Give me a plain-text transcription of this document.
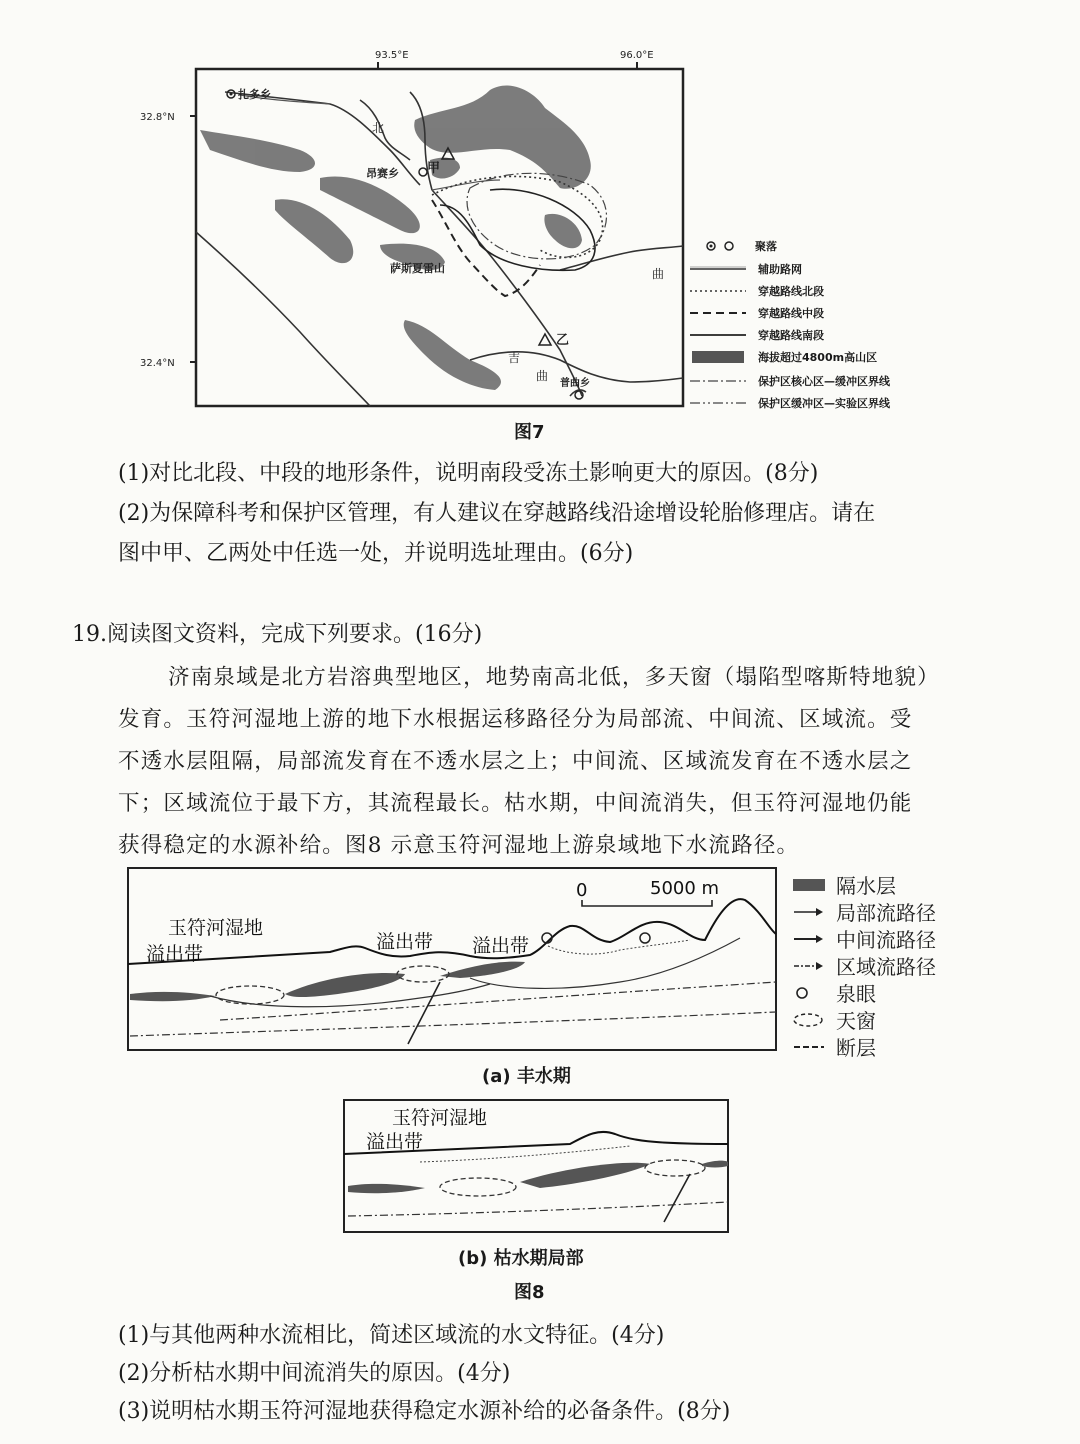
93.5°E	96.0°E
32.8°N
32.4°N
扎多乡
昂赛乡 甲
乙
萨斯夏雷山
普曲乡
北
曲
吉
曲
聚落
辅助路网
穿越路线北段
穿越路线中段
穿越路线南段
海拔超过4800m高山区
保护区核心区—缓冲区界线
保护区缓冲区—实验区界线
图7
(1)对比北段、中段的地形条件，说明南段受冻土影响更大的原因。(8分)
(2)为保障科考和保护区管理，有人建议在穿越路线沿途增设轮胎修理店。请在
图中甲、乙两处中任选一处，并说明选址理由。(6分)
19.阅读图文资料，完成下列要求。(16分)
济南泉域是北方岩溶典型地区，地势南高北低，多天窗（塌陷型喀斯特地貌）
发育。玉符河湿地上游的地下水根据运移路径分为局部流、中间流、区域流。受
不透水层阻隔，局部流发育在不透水层之上；中间流、区域流发育在不透水层之
下；区域流位于最下方，其流程最长。枯水期，中间流消失，但玉符河湿地仍能
获得稳定的水源补给。图8 示意玉符河湿地上游泉域地下水流路径。
0	5000 m
玉符河湿地
溢出带
溢出带 溢出带
隔水层
局部流路径
中间流路径
区域流路径
泉眼
天窗
断层
(a) 丰水期
玉符河湿地
溢出带
(b) 枯水期局部
图8
(1)与其他两种水流相比，简述区域流的水文特征。(4分)
(2)分析枯水期中间流消失的原因。(4分)
(3)说明枯水期玉符河湿地获得稳定水源补给的必备条件。(8分)
